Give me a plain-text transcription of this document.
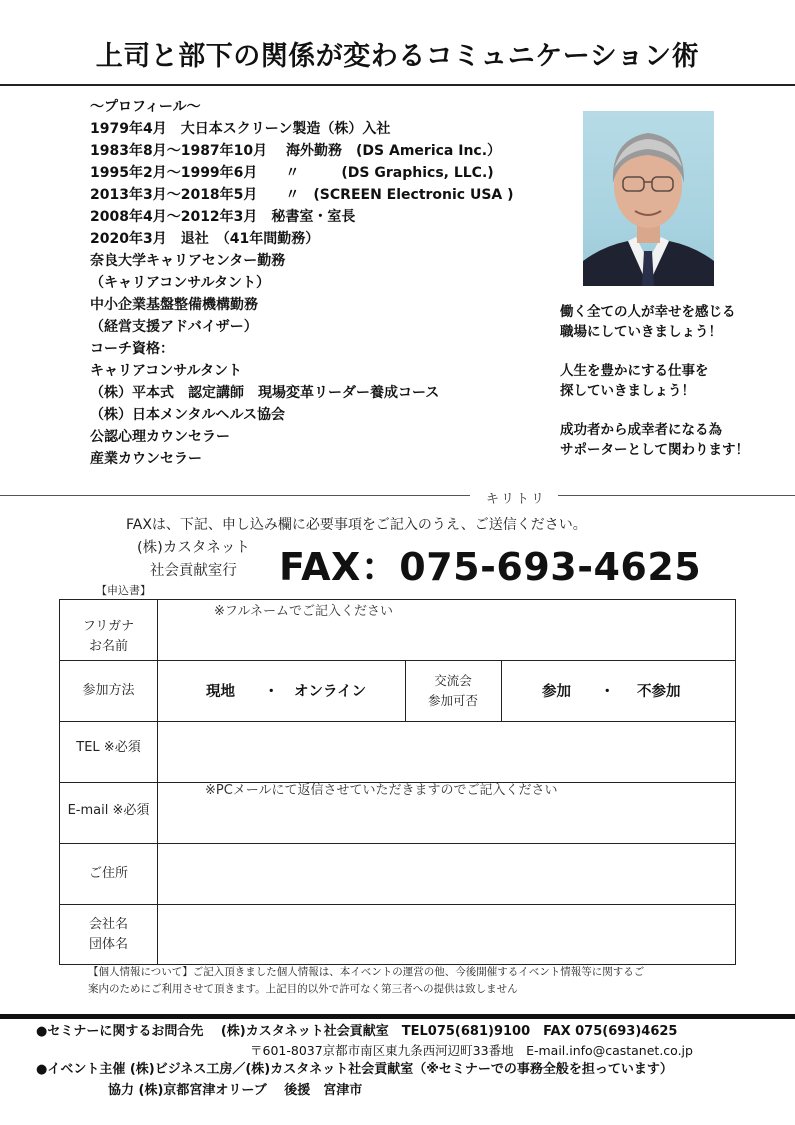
上司と部下の関係が変わるコミュニケーション術
～プロフィール～
1979年4月　大日本スクリーン製造（株）入社
1983年8月～1987年10月　 海外勤務　(DS America Inc.）
1995年2月～1999年6月　　〃　　　(DS Graphics, LLC.)
2013年3月～2018年5月　　〃　(SCREEN Electronic USA )
2008年4月～2012年3月　秘書室・室長
2020年3月　退社　（41年間勤務）
奈良大学キャリアセンター勤務
（キャリアコンサルタント）
中小企業基盤整備機構勤務
（経営支援アドバイザー）
コーチ資格：
キャリアコンサルタント
（株）平本式　認定講師　現場変革リーダー養成コース
（株）日本メンタルヘルス協会
公認心理カウンセラー
産業カウンセラー

働く全ての人が幸せを感じる
職場にしていきましょう！

人生を豊かにする仕事を
探していきましょう！

成功者から成幸者になる為
サポーターとして関わります！

キリトリ
FAXは、下記、申し込み欄に必要事項をご記入のうえ、ご送信ください。
(株)カスタネット
社会貢献室行	FAX：075-693-4625
【申込書】
フリガナ
お名前
※フルネームでご記入ください
参加方法	現地 ・ オンライン
交流会
参加可否
参加 ・ 不参加
TEL ※必須
E-mail ※必須
※PCメールにて返信させていただきますのでご記入ください
ご住所
会社名
団体名
【個人情報について】ご記入頂きました個人情報は、本イベントの運営の他、今後開催するイベント情報等に関するご
案内のためにご利用させて頂きます。上記目的以外で許可なく第三者への提供は致しません
●セミナーに関するお問合先　 (株)カスタネット社会貢献室　TEL075(681)9100　FAX 075(693)4625
〒601-8037京都市南区東九条西河辺町33番地　E-mail.info@castanet.co.jp
●イベント主催 (株)ビジネス工房／(株)カスタネット社会貢献室（※セミナーでの事務全般を担っています）
協力 (株)京都宮津オリーブ　 後援　宮津市
